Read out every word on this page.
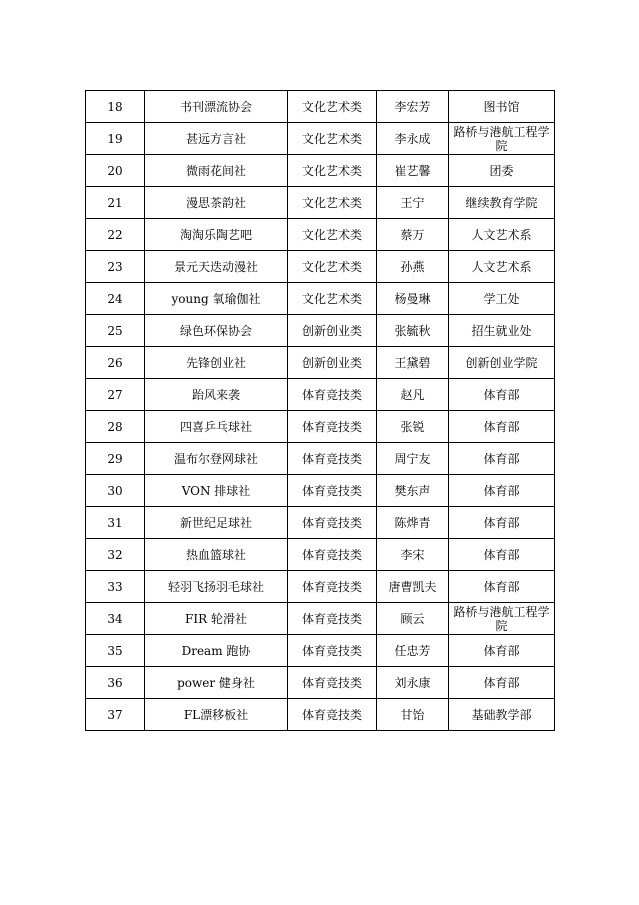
18	书刊漂流协会	文化艺术类	李宏芳	图书馆
19	甚远方言社	文化艺术类	李永成	路桥与港航工程学院
20	微雨花间社	文化艺术类	崔艺馨	团委
21	漫思茶韵社	文化艺术类	王宁	继续教育学院
22	淘淘乐陶艺吧	文化艺术类	蔡万	人文艺术系
23	景元天迭动漫社	文化艺术类	孙燕	人文艺术系
24	young 氧瑜伽社	文化艺术类	杨曼琳	学工处
25	绿色环保协会	创新创业类	张毓秋	招生就业处
26	先锋创业社	创新创业类	王黛碧	创新创业学院
27	跆风来袭	体育竞技类	赵凡	体育部
28	四喜乒乓球社	体育竞技类	张锐	体育部
29	温布尔登网球社	体育竞技类	周宁友	体育部
30	VON 排球社	体育竞技类	樊东声	体育部
31	新世纪足球社	体育竞技类	陈烨青	体育部
32	热血篮球社	体育竞技类	李宋	体育部
33	轻羽飞扬羽毛球社	体育竞技类	唐曹凯夫	体育部
34	FIR 轮滑社	体育竞技类	顾云	路桥与港航工程学院
35	Dream 跑协	体育竞技类	任忠芳	体育部
36	power 健身社	体育竞技类	刘永康	体育部
37	FL漂移板社	体育竞技类	甘饴	基础教学部
